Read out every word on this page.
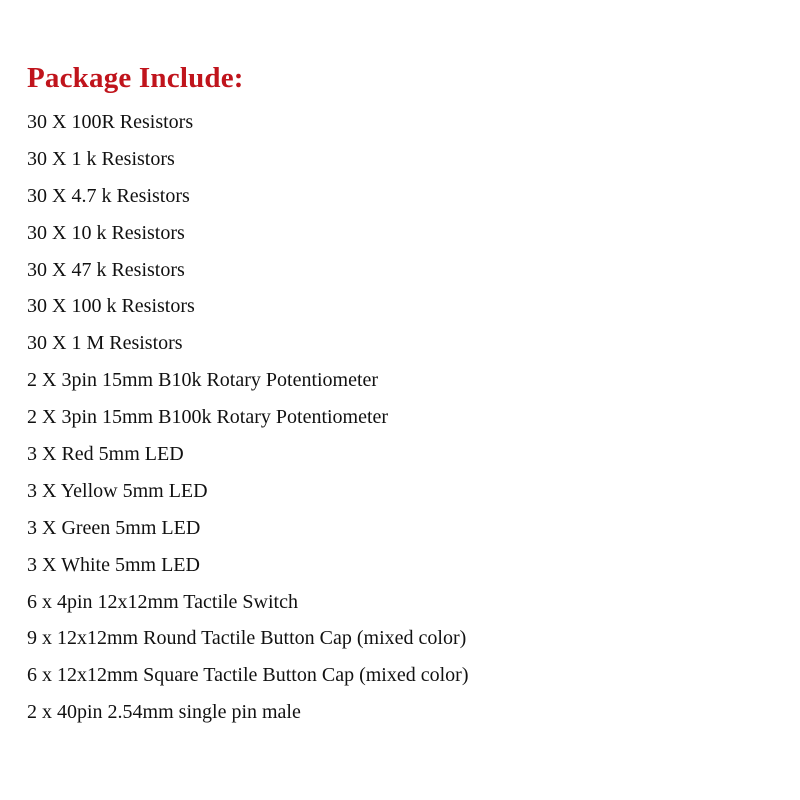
Package Include:
30 X 100R Resistors
30 X 1 k Resistors
30 X 4.7 k Resistors
30 X 10 k Resistors
30 X 47 k Resistors
30 X 100 k Resistors
30 X 1 M Resistors
2 X 3pin 15mm B10k Rotary Potentiometer
2 X 3pin 15mm B100k Rotary Potentiometer
3 X Red 5mm LED
3 X Yellow 5mm LED
3 X Green 5mm LED
3 X White 5mm LED
6 x 4pin 12x12mm Tactile Switch
9 x 12x12mm Round Tactile Button Cap (mixed color)
6 x 12x12mm Square Tactile Button Cap (mixed color)
2 x 40pin 2.54mm single pin male
